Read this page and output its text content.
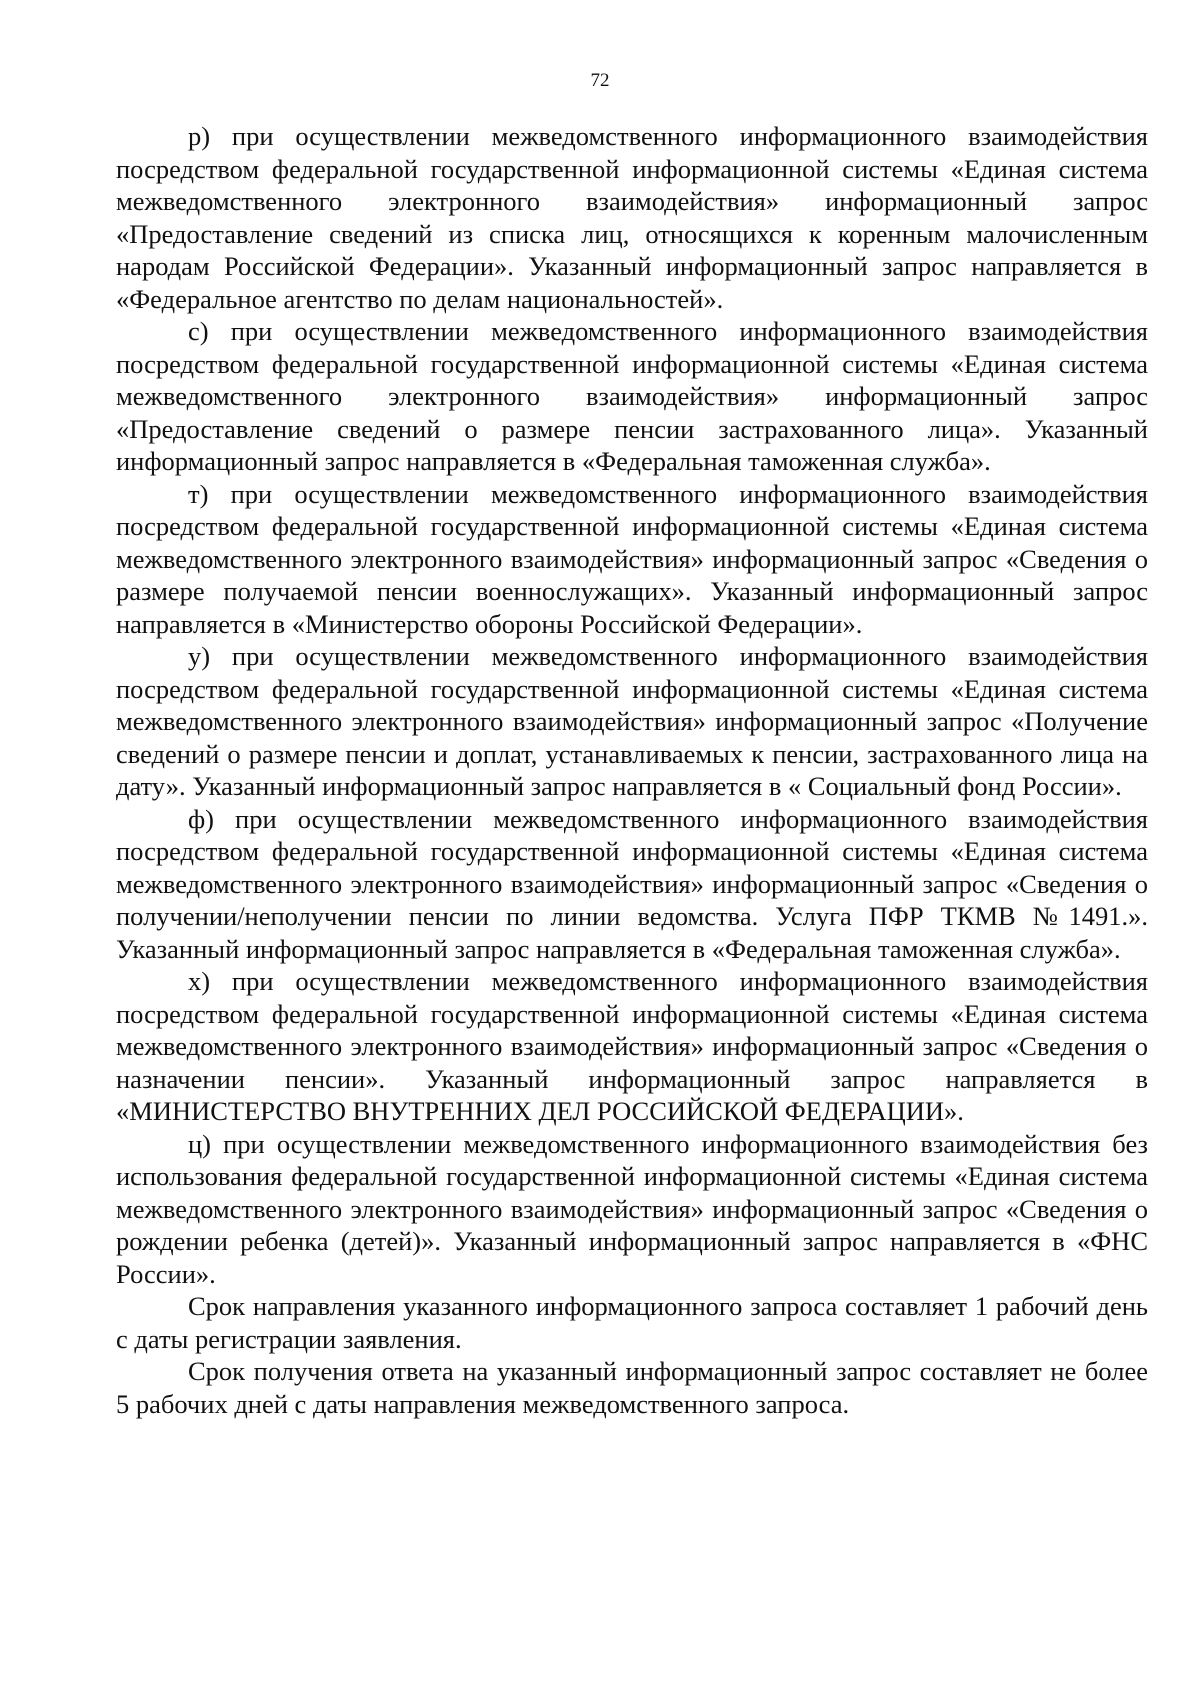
72

р) при осуществлении межведомственного информационного взаимодействия посредством федеральной государственной информационной системы «Единая система межведомственного электронного взаимодействия» информационный запрос «Предоставление сведений из списка лиц, относящихся к коренным малочисленным народам Российской Федерации». Указанный информационный запрос направляется в «Федеральное агентство по делам национальностей».

с) при осуществлении межведомственного информационного взаимодействия посредством федеральной государственной информационной системы «Единая система межведомственного электронного взаимодействия» информационный запрос «Предоставление сведений о размере пенсии застрахованного лица». Указанный информационный запрос направляется в «Федеральная таможенная служба».

т) при осуществлении межведомственного информационного взаимодействия посредством федеральной государственной информационной системы «Единая система межведомственного электронного взаимодействия» информационный запрос «Сведения о размере получаемой пенсии военнослужащих». Указанный информационный запрос направляется в «Министерство обороны Российской Федерации».

у) при осуществлении межведомственного информационного взаимодействия посредством федеральной государственной информационной системы «Единая система межведомственного электронного взаимодействия» информационный запрос «Получение сведений о размере пенсии и доплат, устанавливаемых к пенсии, застрахованного лица на дату». Указанный информационный запрос направляется в « Социальный фонд России».

ф) при осуществлении межведомственного информационного взаимодействия посредством федеральной государственной информационной системы «Единая система межведомственного электронного взаимодействия» информационный запрос «Сведения о получении/неполучении пенсии по линии ведомства. Услуга ПФР ТКМВ №1491.». Указанный информационный запрос направляется в «Федеральная таможенная служба».

х) при осуществлении межведомственного информационного взаимодействия посредством федеральной государственной информационной системы «Единая система межведомственного электронного взаимодействия» информационный запрос «Сведения о назначении пенсии». Указанный информационный запрос направляется в «МИНИСТЕРСТВО ВНУТРЕННИХ ДЕЛ РОССИЙСКОЙ ФЕДЕРАЦИИ».

ц) при осуществлении межведомственного информационного взаимодействия без использования федеральной государственной информационной системы «Единая система межведомственного электронного взаимодействия» информационный запрос «Сведения о рождении ребенка (детей)». Указанный информационный запрос направляется в «ФНС России».

Срок направления указанного информационного запроса составляет 1 рабочий день с даты регистрации заявления.

Срок получения ответа на указанный информационный запрос составляет не более 5 рабочих дней с даты направления межведомственного запроса.
